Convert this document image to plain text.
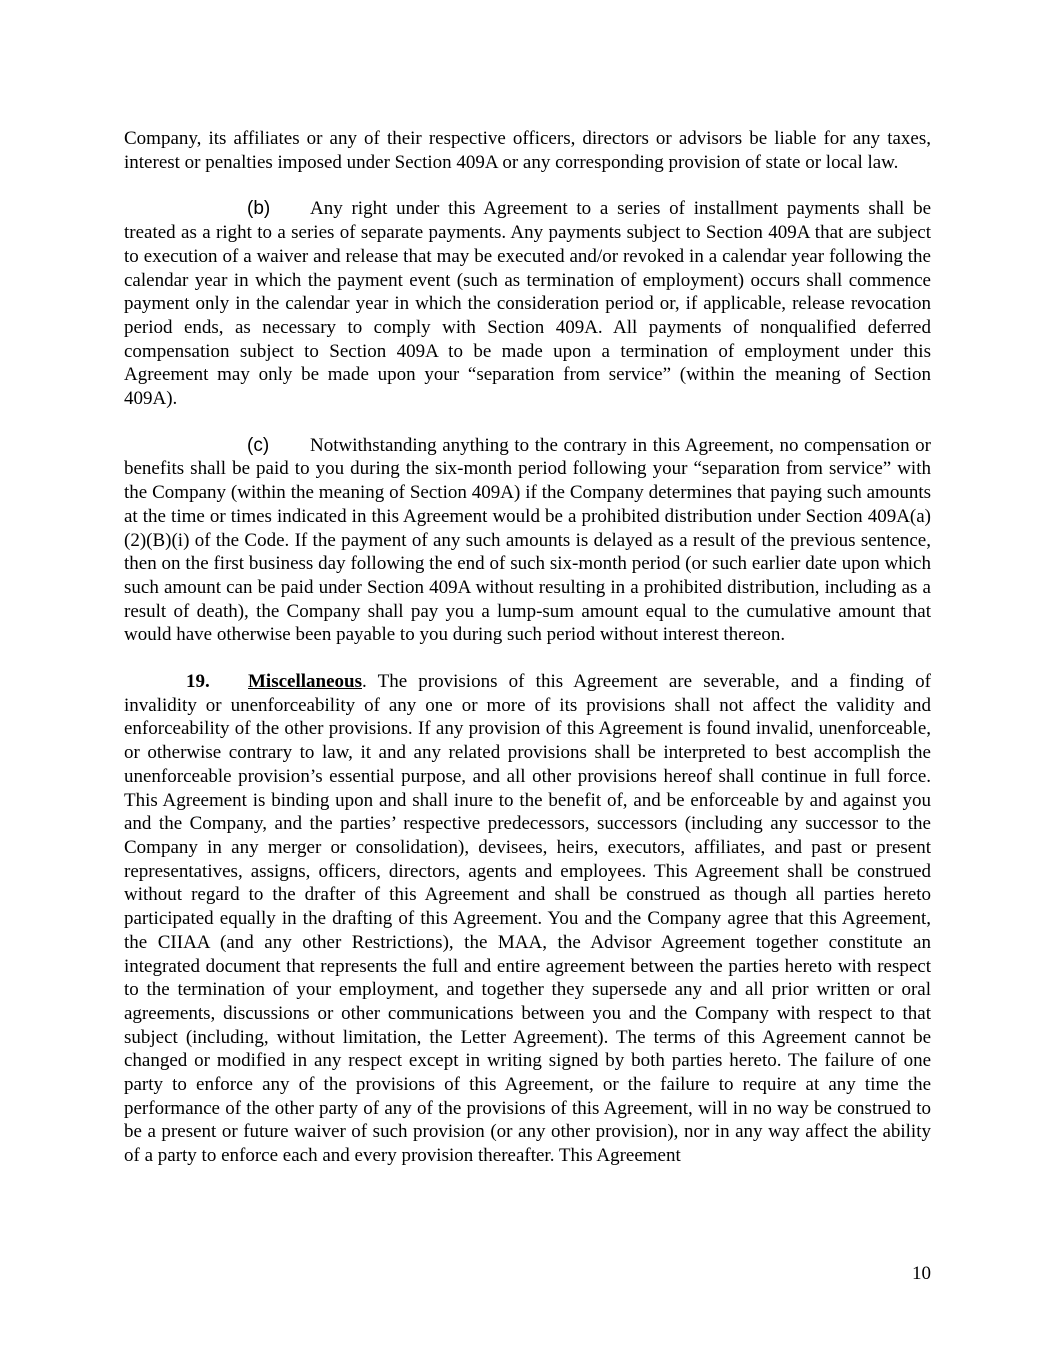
Company, its affiliates or any of their respective officers, directors or advisors be liable for any taxes, interest or penalties imposed under Section 409A or any corresponding provision of state or local law.

(b) Any right under this Agreement to a series of installment payments shall be treated as a right to a series of separate payments. Any payments subject to Section 409A that are subject to execution of a waiver and release that may be executed and/or revoked in a calendar year following the calendar year in which the payment event (such as termination of employment) occurs shall commence payment only in the calendar year in which the consideration period or, if applicable, release revocation period ends, as necessary to comply with Section 409A. All payments of nonqualified deferred compensation subject to Section 409A to be made upon a termination of employment under this Agreement may only be made upon your “separation from service” (within the meaning of Section 409A).

(c) Notwithstanding anything to the contrary in this Agreement, no compensation or benefits shall be paid to you during the six-month period following your “separation from service” with the Company (within the meaning of Section 409A) if the Company determines that paying such amounts at the time or times indicated in this Agreement would be a prohibited distribution under Section 409A(a)(2)(B)(i) of the Code. If the payment of any such amounts is delayed as a result of the previous sentence, then on the first business day following the end of such six-month period (or such earlier date upon which such amount can be paid under Section 409A without resulting in a prohibited distribution, including as a result of death), the Company shall pay you a lump-sum amount equal to the cumulative amount that would have otherwise been payable to you during such period without interest thereon.

19. Miscellaneous. The provisions of this Agreement are severable, and a finding of invalidity or unenforceability of any one or more of its provisions shall not affect the validity and enforceability of the other provisions. If any provision of this Agreement is found invalid, unenforceable, or otherwise contrary to law, it and any related provisions shall be interpreted to best accomplish the unenforceable provision’s essential purpose, and all other provisions hereof shall continue in full force. This Agreement is binding upon and shall inure to the benefit of, and be enforceable by and against you and the Company, and the parties’ respective predecessors, successors (including any successor to the Company in any merger or consolidation), devisees, heirs, executors, affiliates, and past or present representatives, assigns, officers, directors, agents and employees. This Agreement shall be construed without regard to the drafter of this Agreement and shall be construed as though all parties hereto participated equally in the drafting of this Agreement. You and the Company agree that this Agreement, the CIIAA (and any other Restrictions), the MAA, the Advisor Agreement together constitute an integrated document that represents the full and entire agreement between the parties hereto with respect to the termination of your employment, and together they supersede any and all prior written or oral agreements, discussions or other communications between you and the Company with respect to that subject (including, without limitation, the Letter Agreement). The terms of this Agreement cannot be changed or modified in any respect except in writing signed by both parties hereto. The failure of one party to enforce any of the provisions of this Agreement, or the failure to require at any time the performance of the other party of any of the provisions of this Agreement, will in no way be construed to be a present or future waiver of such provision (or any other provision), nor in any way affect the ability of a party to enforce each and every provision thereafter. This Agreement

10
